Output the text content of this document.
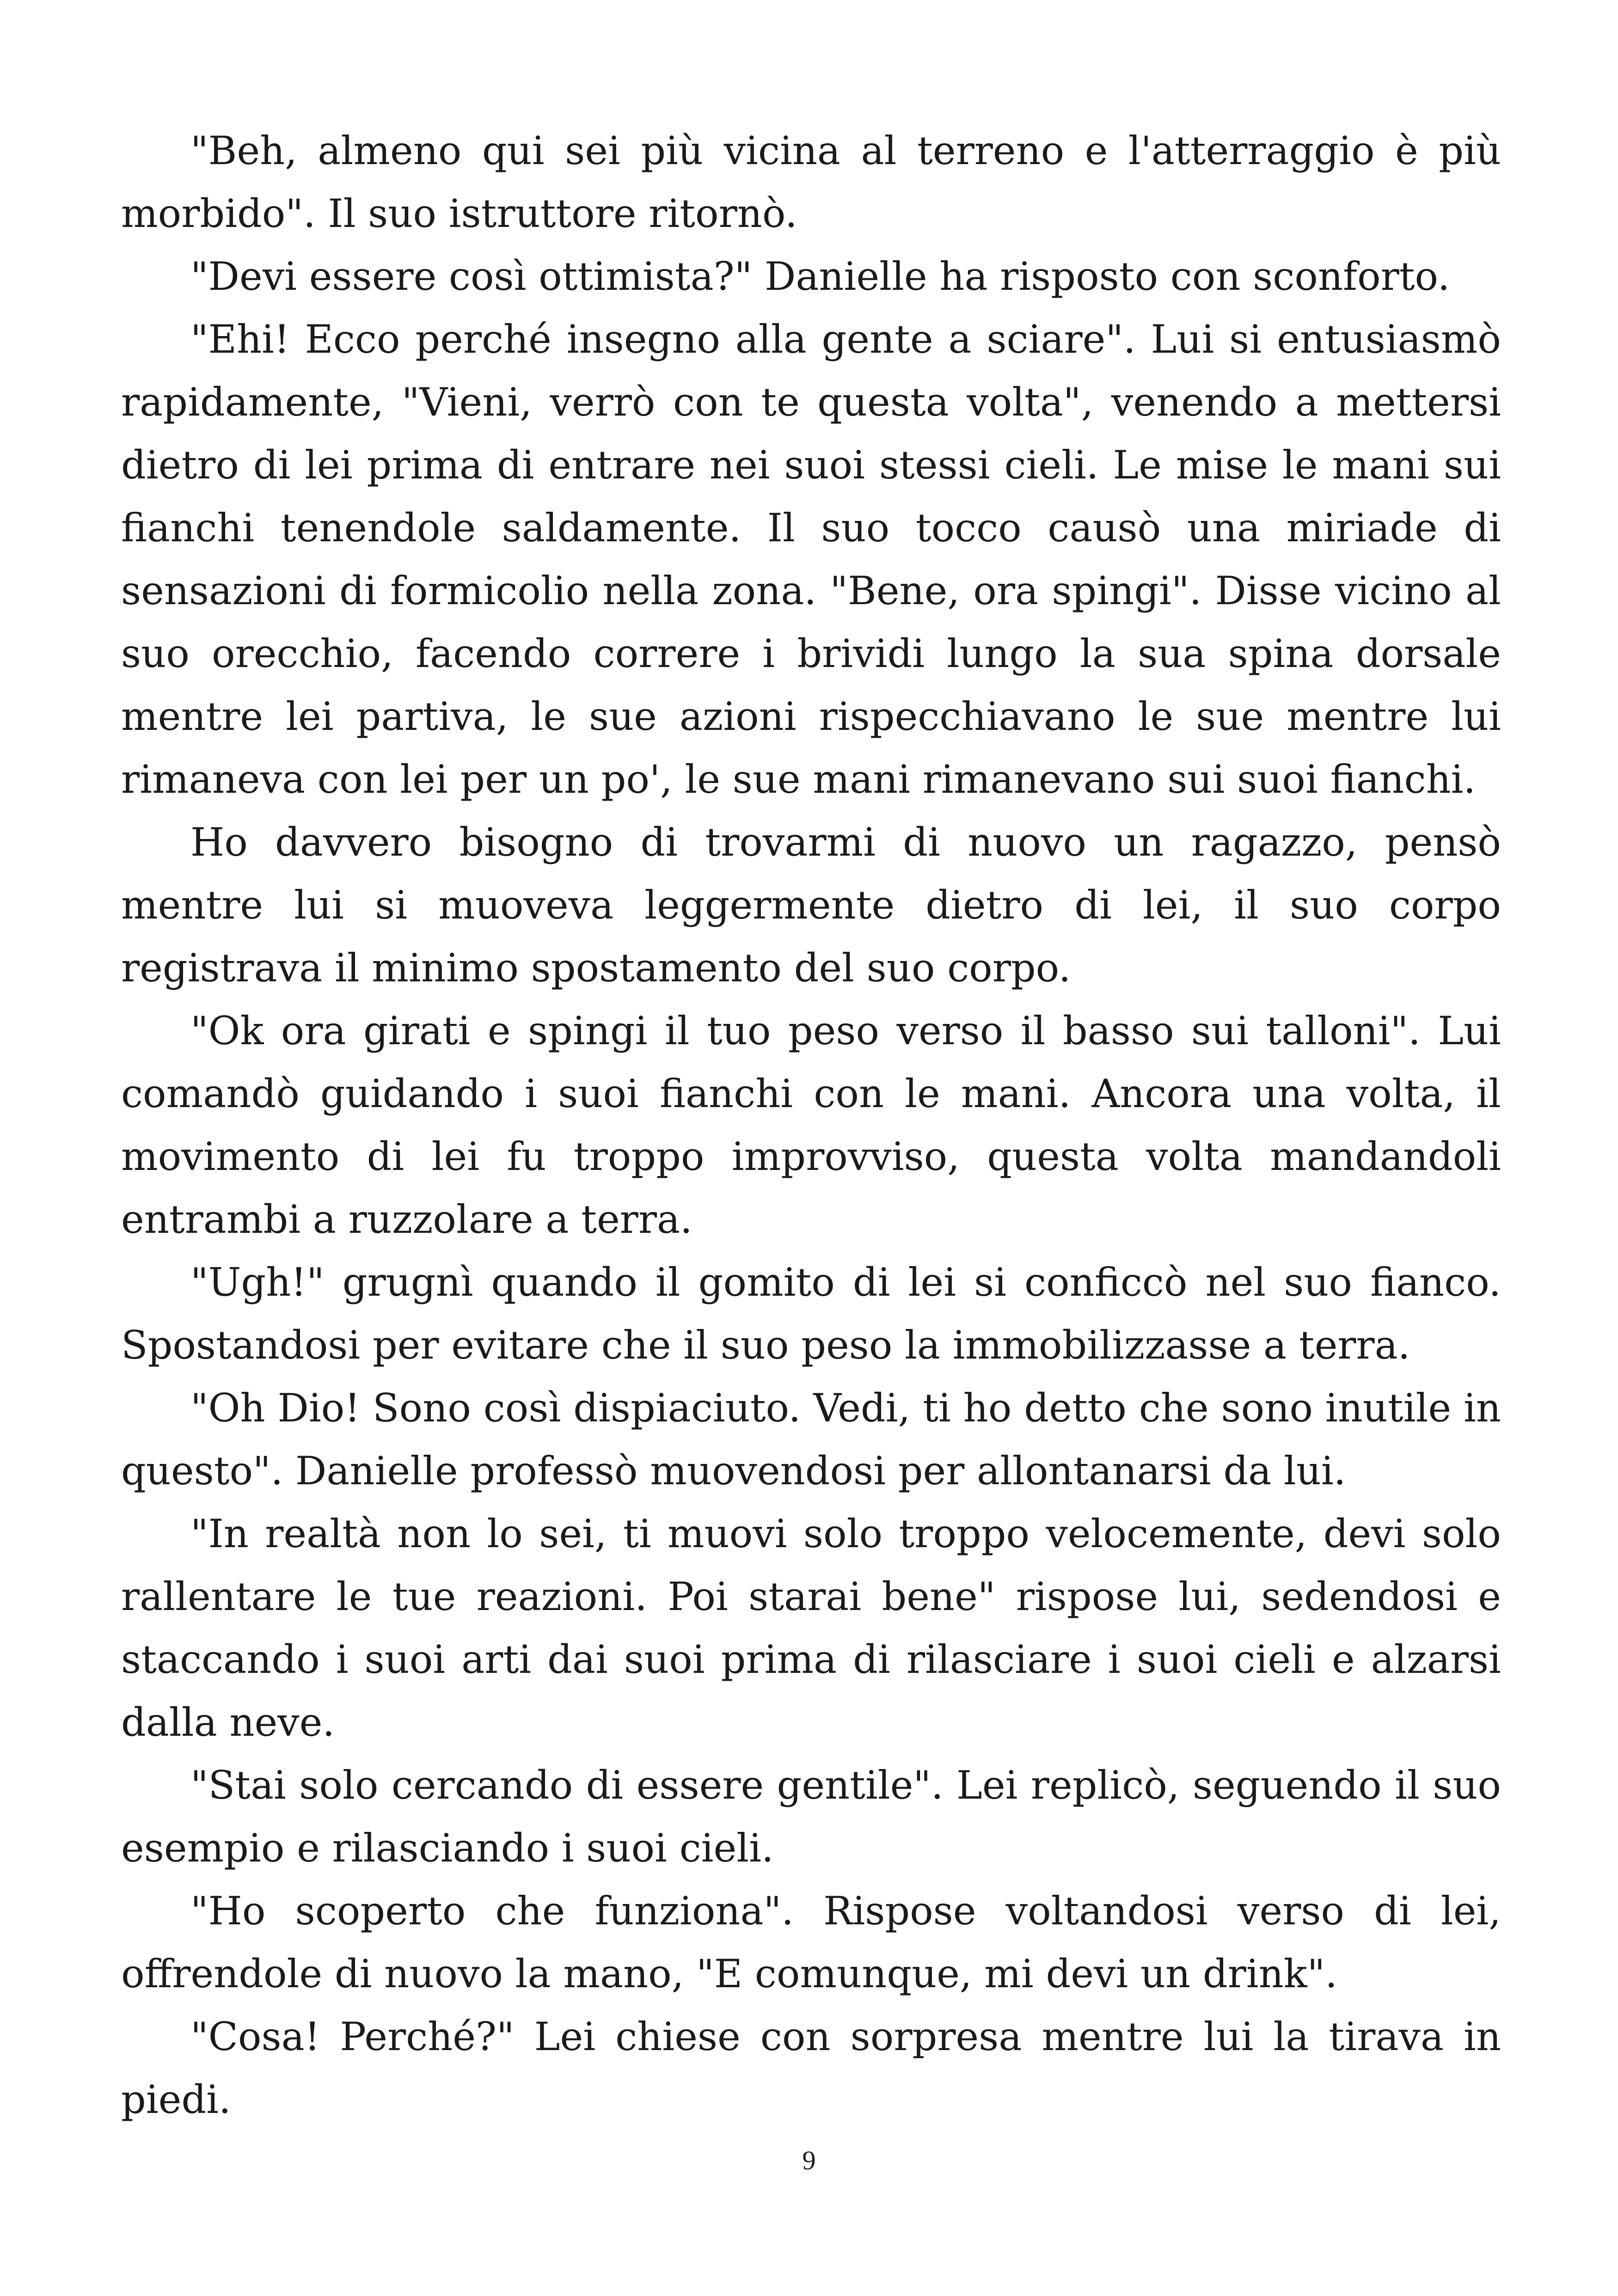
"Beh, almeno qui sei più vicina al terreno e l'atterraggio è più morbido". Il suo istruttore ritornò.

"Devi essere così ottimista?" Danielle ha risposto con sconforto.

"Ehi! Ecco perché insegno alla gente a sciare". Lui si entusiasmò rapidamente, "Vieni, verrò con te questa volta", venendo a mettersi dietro di lei prima di entrare nei suoi stessi cieli. Le mise le mani sui fianchi tenendole saldamente. Il suo tocco causò una miriade di sensazioni di formicolio nella zona. "Bene, ora spingi". Disse vicino al suo orecchio, facendo correre i brividi lungo la sua spina dorsale mentre lei partiva, le sue azioni rispecchiavano le sue mentre lui rimaneva con lei per un po', le sue mani rimanevano sui suoi fianchi.

Ho davvero bisogno di trovarmi di nuovo un ragazzo, pensò mentre lui si muoveva leggermente dietro di lei, il suo corpo registrava il minimo spostamento del suo corpo.

"Ok ora girati e spingi il tuo peso verso il basso sui talloni". Lui comandò guidando i suoi fianchi con le mani. Ancora una volta, il movimento di lei fu troppo improvviso, questa volta mandandoli entrambi a ruzzolare a terra.

"Ugh!" grugnì quando il gomito di lei si conficcò nel suo fianco. Spostandosi per evitare che il suo peso la immobilizzasse a terra.

"Oh Dio! Sono così dispiaciuto. Vedi, ti ho detto che sono inutile in questo". Danielle professò muovendosi per allontanarsi da lui.

"In realtà non lo sei, ti muovi solo troppo velocemente, devi solo rallentare le tue reazioni. Poi starai bene" rispose lui, sedendosi e staccando i suoi arti dai suoi prima di rilasciare i suoi cieli e alzarsi dalla neve.

"Stai solo cercando di essere gentile". Lei replicò, seguendo il suo esempio e rilasciando i suoi cieli.

"Ho scoperto che funziona". Rispose voltandosi verso di lei, offrendole di nuovo la mano, "E comunque, mi devi un drink".

"Cosa! Perché?" Lei chiese con sorpresa mentre lui la tirava in piedi.

9
